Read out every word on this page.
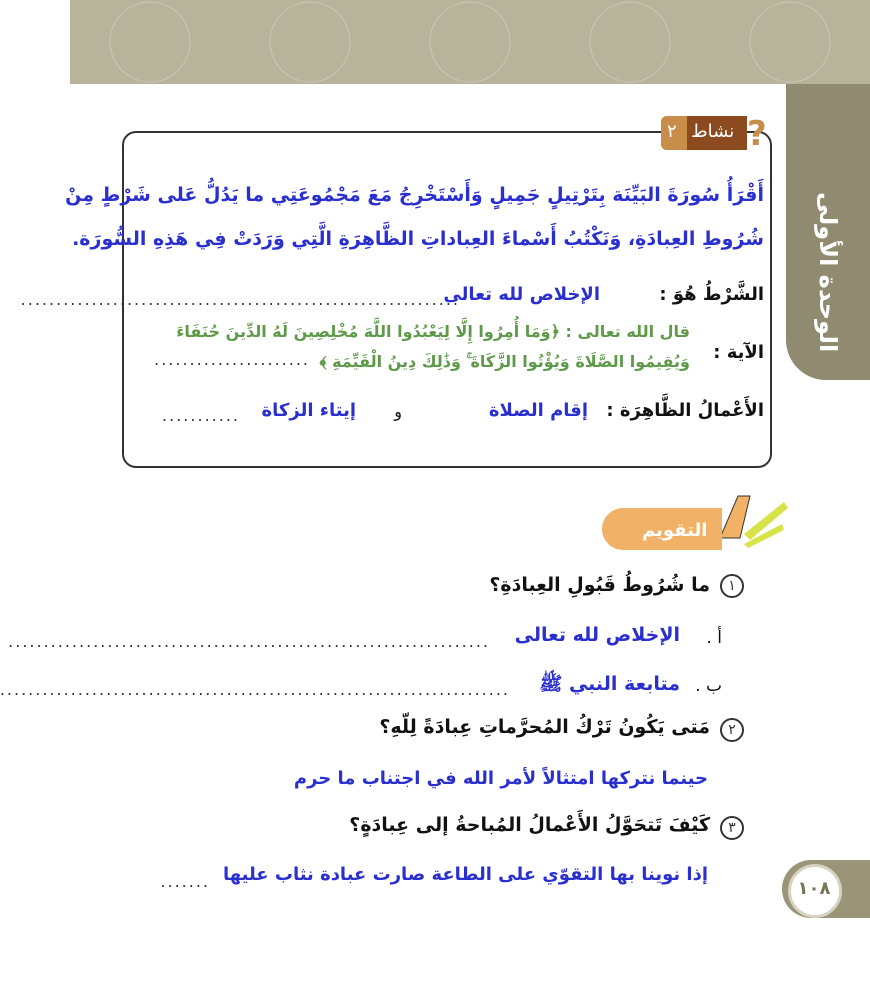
الوحدة الأولى
نشاط
٢ ?
أَقْرَأُ سُورَةَ البَيِّنَة بِتَرْتِيلٍ جَمِيلٍ وَأَسْتَخْرِجُ مَعَ مَجْمُوعَتِي ما يَدُلُّ عَلى شَرْطٍ مِنْ
شُرُوطِ العِبادَةِ، وَنَكْتُبُ أَسْماءَ العِباداتِ الظَّاهِرَةِ الَّتِي وَرَدَتْ فِي هَذِهِ السُّورَة.
الشَّرْطُ هُوَ :
الإخلاص لله تعالى
..............................................................
الآية :
قال الله تعالى : ﴿وَمَا أُمِرُوا إِلَّا لِيَعْبُدُوا اللَّهَ مُخْلِصِينَ لَهُ الدِّينَ حُنَفَاءَ
وَيُقِيمُوا الصَّلَاةَ وَيُؤْتُوا الزَّكَاةَ ۚ وَذَٰلِكَ دِينُ الْقَيِّمَةِ ﴾
......................
الأَعْمالُ الظَّاهِرَة :
إقام الصلاة
و
إيتاء الزكاة
...........
التقويم
١
ما شُرُوطُ قَبُولِ العِبادَةِ؟
أ .
الإخلاص لله تعالى
....................................................................
ب .
متابعة النبي ﷺ
........................................................................
٢
مَتى يَكُونُ تَرْكُ المُحرَّماتِ عِبادَةً لِلّهِ؟
حينما نتركها امتثالاً لأمر الله في اجتناب ما حرم
٣
كَيْفَ تَتحَوَّلُ الأَعْمالُ المُباحةُ إلى عِبادَةٍ؟
إذا نوينا بها التقوّي على الطاعة صارت عبادة نثاب عليها
.......	١٠٨
